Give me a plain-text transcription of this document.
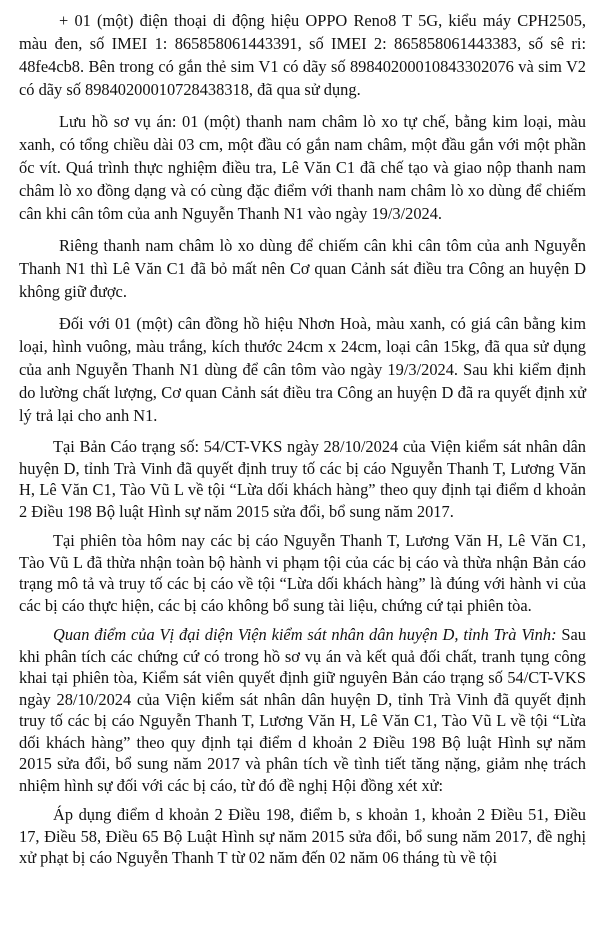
+ 01 (một) điện thoại di động hiệu OPPO Reno8 T 5G, kiểu máy CPH2505, màu đen, số IMEI 1: 865858061443391, số IMEI 2: 865858061443383, số sê ri: 48fe4cb8. Bên trong có gắn thẻ sim V1 có dãy số 89840200010843302076 và sim V2 có dãy số 89840200010728438318, đã qua sử dụng.

Lưu hồ sơ vụ án: 01 (một) thanh nam châm lò xo tự chế, bằng kim loại, màu xanh, có tổng chiều dài 03 cm, một đầu có gắn nam châm, một đầu gắn với một phần ốc vít. Quá trình thực nghiệm điều tra, Lê Văn C1 đã chế tạo và giao nộp thanh nam châm lò xo đồng dạng và có cùng đặc điểm với thanh nam châm lò xo dùng để chiếm cân khi cân tôm của anh Nguyễn Thanh N1 vào ngày 19/3/2024.

Riêng thanh nam châm lò xo dùng để chiếm cân khi cân tôm của anh Nguyễn Thanh N1 thì Lê Văn C1 đã bỏ mất nên Cơ quan Cảnh sát điều tra Công an huyện D không giữ được.

Đối với 01 (một) cân đồng hồ hiệu Nhơn Hoà, màu xanh, có giá cân bằng kim loại, hình vuông, màu trắng, kích thước 24cm x 24cm, loại cân 15kg, đã qua sử dụng của anh Nguyễn Thanh N1 dùng để cân tôm vào ngày 19/3/2024. Sau khi kiểm định do lường chất lượng, Cơ quan Cảnh sát điều tra Công an huyện D đã ra quyết định xử lý trả lại cho anh N1.

Tại Bản Cáo trạng số: 54/CT-VKS ngày 28/10/2024 của Viện kiểm sát nhân dân huyện D, tỉnh Trà Vinh đã quyết định truy tố các bị cáo Nguyễn Thanh T, Lương Văn H, Lê Văn C1, Tào Vũ L về tội “Lừa dối khách hàng” theo quy định tại điểm d khoản 2 Điều 198 Bộ luật Hình sự năm 2015 sửa đổi, bổ sung năm 2017.

Tại phiên tòa hôm nay các bị cáo Nguyễn Thanh T, Lương Văn H, Lê Văn C1, Tào Vũ L đã thừa nhận toàn bộ hành vi phạm tội của các bị cáo và thừa nhận Bản cáo trạng mô tả và truy tố các bị cáo về tội “Lừa dối khách hàng” là đúng với hành vi của các bị cáo thực hiện, các bị cáo không bổ sung tài liệu, chứng cứ tại phiên tòa.

Quan điểm của Vị đại diện Viện kiểm sát nhân dân huyện D, tỉnh Trà Vinh: Sau khi phân tích các chứng cứ có trong hồ sơ vụ án và kết quả đối chất, tranh tụng công khai tại phiên tòa, Kiểm sát viên quyết định giữ nguyên Bản cáo trạng số 54/CT-VKS ngày 28/10/2024 của Viện kiểm sát nhân dân huyện D, tỉnh Trà Vinh đã quyết định truy tố các bị cáo Nguyễn Thanh T, Lương Văn H, Lê Văn C1, Tào Vũ L về tội “Lừa dối khách hàng” theo quy định tại điểm d khoản 2 Điều 198 Bộ luật Hình sự năm 2015 sửa đổi, bổ sung năm 2017 và phân tích về tình tiết tăng nặng, giảm nhẹ trách nhiệm hình sự đối với các bị cáo, từ đó đề nghị Hội đồng xét xử:

Áp dụng điểm d khoản 2 Điều 198, điểm b, s khoản 1, khoản 2 Điều 51, Điều 17, Điều 58, Điều 65 Bộ Luật Hình sự năm 2015 sửa đổi, bổ sung năm 2017, đề nghị xử phạt bị cáo Nguyễn Thanh T từ 02 năm đến 02 năm 06 tháng tù về tội
